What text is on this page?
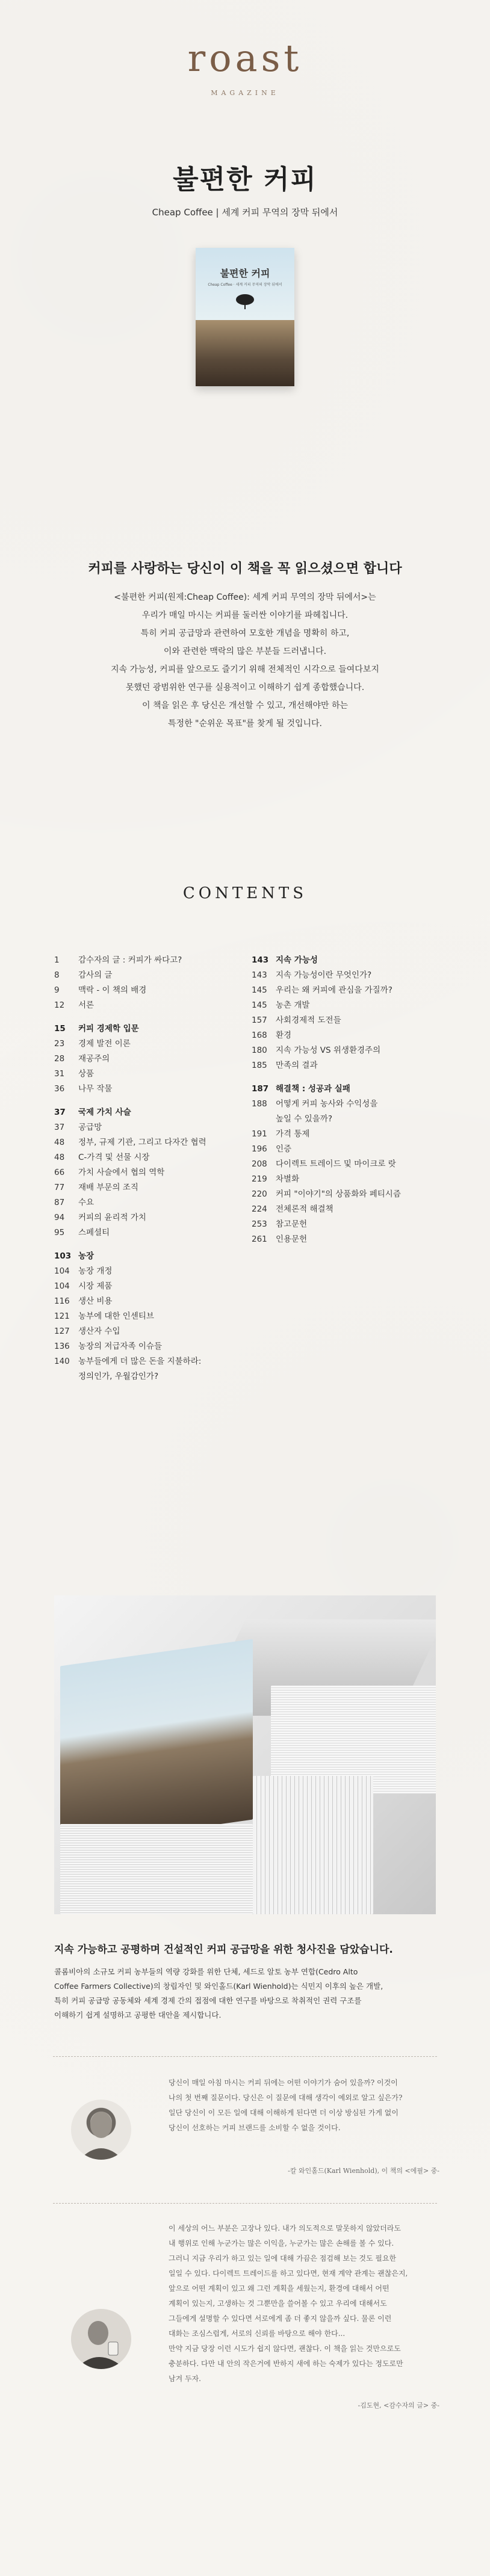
roast
MAGAZINE
불편한 커피
Cheap Coffee | 세계 커피 무역의 장막 뒤에서
불편한 커피
Cheap Coffee · 세계 커피 무역의 장막 뒤에서
커피를 사랑하는 당신이 이 책을 꼭 읽으셨으면 합니다

<불편한 커피(원제:Cheap Coffee): 세계 커피 무역의 장막 뒤에서>는

우리가 매일 마시는 커피를 둘러싼 이야기를 파헤칩니다.

특히 커피 공급망과 관련하여 모호한 개념을 명확히 하고,

이와 관련한 맥락의 많은 부분들 드러냅니다.

지속 가능성, 커피를 앞으로도 즐기기 위해 전체적인 시각으로 들여다보지

못했던 광범위한 연구를 실용적이고 이해하기 쉽게 종합했습니다.

이 책을 읽은 후 당신은 개선할 수 있고, 개선해야만 하는

특정한 "순위운 목표"를 찾게 될 것입니다.

CONTENTS
1 감수자의 글 : 커피가 싸다고?
8 감사의 글
9 맥락 - 이 책의 배경
12 서론
15 커피 경제학 입문
23 경제 발전 이론
28 재공주의
31 상품
36 나무 작물
37 국제 가치 사슬
37 공급망
48 정부, 규제 기관, 그리고 다자간 협력
48 C-가격 및 선물 시장
66 가치 사슬에서 협의 역학
77 재배 부문의 조직
87 수요
94 커피의 윤리적 가치
95 스페셜티
103 농장
104 농장 개정
104 시장 제품
116 생산 비용
121 농부에 대한 인센티브
127 생산자 수입
136 농장의 저급자족 이슈들
140 농부들에게 더 많은 돈을 지불하라:
정의인가, 우월감인가?
143 지속 가능성
143 지속 가능성이란 무엇인가?
145 우리는 왜 커피에 관심을 가질까?
145 농촌 개발
157 사회경제적 도전들
168 환경
180 지속 가능성 VS 위생환경주의
185 만족의 결과
187 해결책 : 성공과 실패
188 어떻게 커피 농사와 수익성을
높일 수 있을까?
191 가격 통제
196 인증
208 다이렉트 트레이드 및 마이크로 랏
219 차별화
220 커피 "이야기"의 상품화와 페티시즘
224 전체론적 해결책
253 참고문헌
261 인용문헌
지속 가능하고 공평하며 건설적인 커피 공급망을 위한 청사진을 담았습니다.

콜롬비아의 소규모 커피 농부들의 역량 강화를 위한 단체, 세드로 알토 농부 연합(Cedro Alto

Coffee Farmers Collective)의 창립자인 및 와인홀드(Karl Wienhold)는 식민지 이후의 높은 개발,

특히 커피 공급망 공동체와 세계 경제 간의 접점에 대한 연구를 바탕으로 착취적인 권력 구조를

이해하기 쉽게 설명하고 공평한 대안을 제시합니다.

당신이 매일 아침 마시는 커피 뒤에는 어떤 이야기가 숨어 있을까? 이것이

나의 첫 번째 질문이다. 당신은 이 질문에 대해 생각이 예외로 알고 싶은가?

일단 당신이 이 모든 일에 대해 이해하게 된다면 더 이상 방심된 가게 없이

당신이 선호하는 커피 브랜드를 소비할 수 없을 것이다.

-칼 와인홀드(Karl Wienhold), 이 책의 <에필> 중-

이 세상의 어느 부분은 고장나 있다. 내가 의도적으로 말못하지 않았더라도

내 행위로 인해 누군가는 많은 이익을, 누군가는 많은 손해를 볼 수 있다.

그러니 지금 우리가 하고 있는 일에 대해 가끔은 점검해 보는 것도 필요한

일일 수 있다. 다이렉트 트레이드를 하고 있다면, 현재 계약 관계는 괜찮은지,

앞으로 어떤 계획이 있고 왜 그런 계획을 세웠는지, 환경에 대해서 어떤

계획이 있는지, 고생하는 것 그뿐만을 쓸어볼 수 있고 우리에 대해서도

그들에게 설명할 수 있다면 서로에게 좀 더 좋지 않을까 싶다. 물론 이런

대화는 조심스럽게, 서로의 신뢰를 바탕으로 해야 한다...

만약 지금 당장 이런 시도가 쉽지 않다면, 괜찮다. 이 책을 읽는 것만으로도

충분하다. 다만 내 안의 작은거에 반하지 새에 하는 숙제가 있다는 정도로만

남겨 두자.

-김도현, <감수자의 글> 중-
